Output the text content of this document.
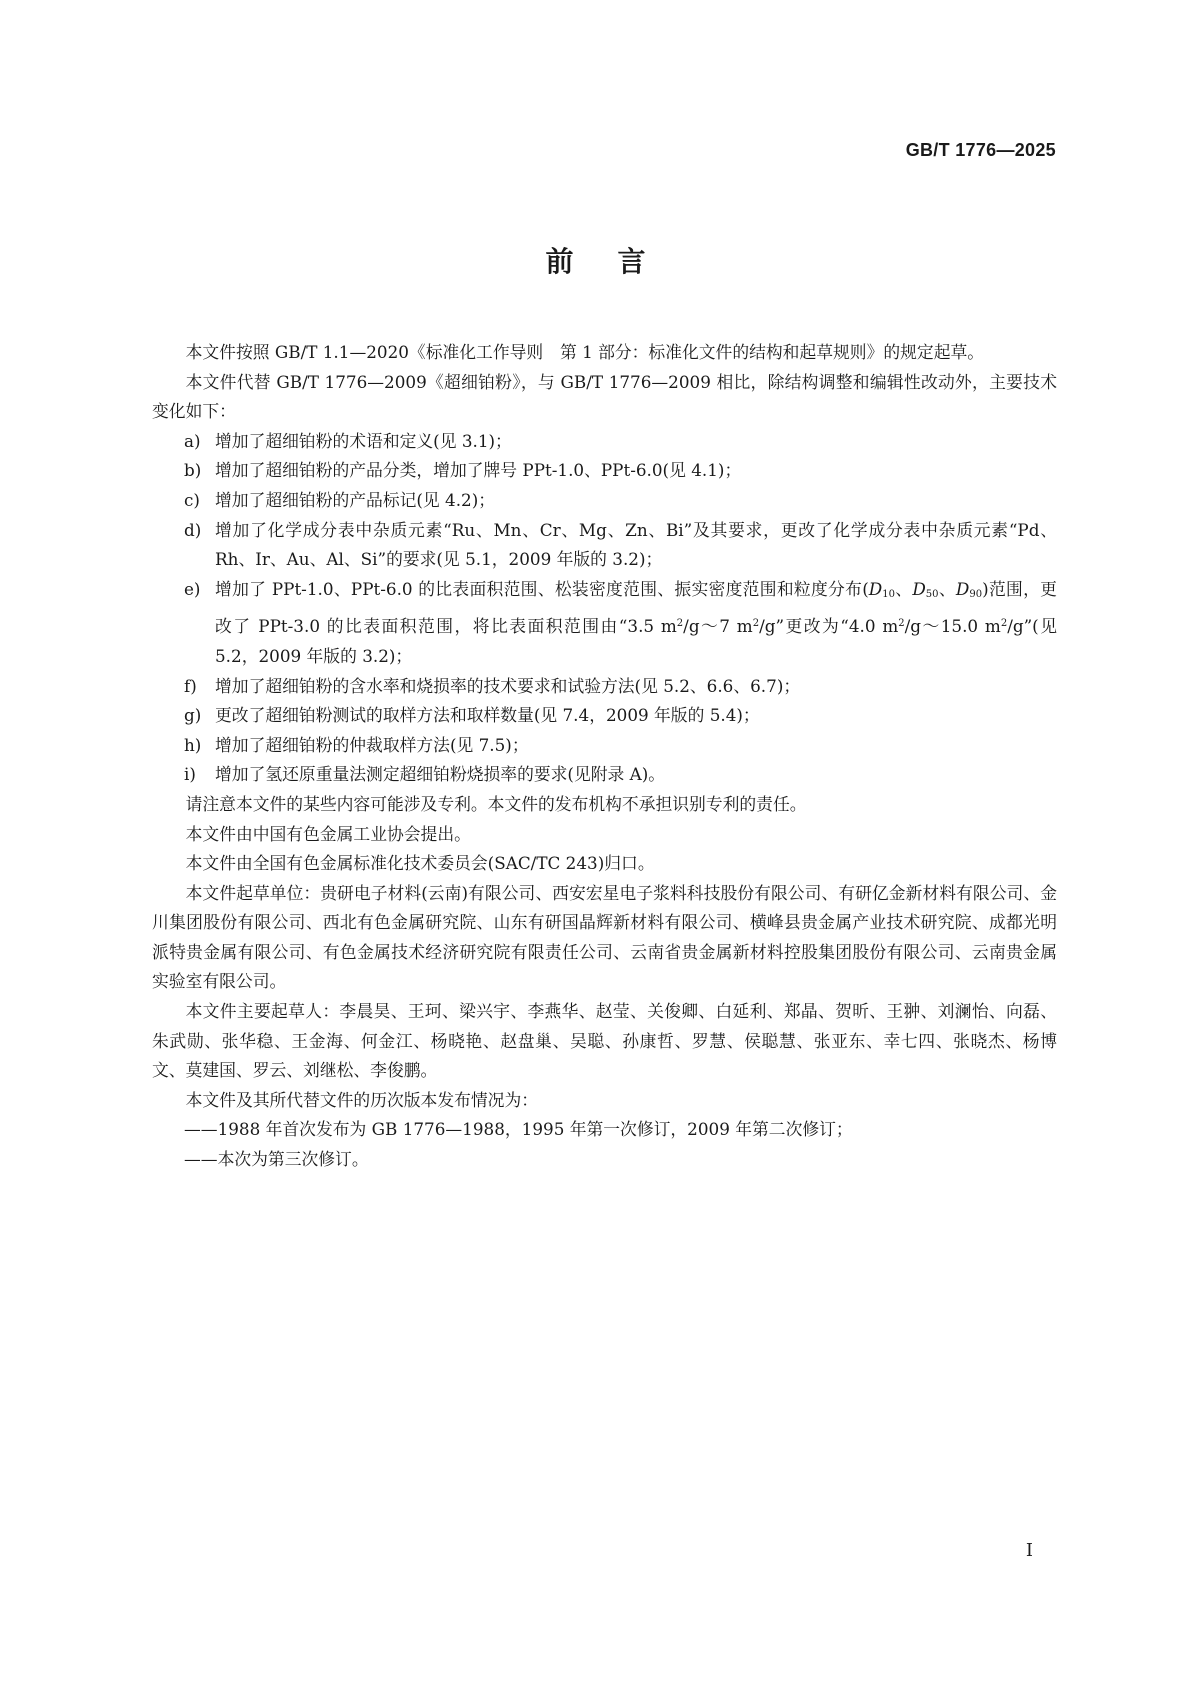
GB/T 1776—2025
前言

本文件按照 GB/T 1.1—2020《标准化工作导则　第 1 部分：标准化文件的结构和起草规则》的规定起草。

本文件代替 GB/T 1776—2009《超细铂粉》，与 GB/T 1776—2009 相比，除结构调整和编辑性改动外，主要技术变化如下：

a) 增加了超细铂粉的术语和定义(见 3.1)；

b) 增加了超细铂粉的产品分类，增加了牌号 PPt-1.0、PPt-6.0(见 4.1)；

c) 增加了超细铂粉的产品标记(见 4.2)；

d) 增加了化学成分表中杂质元素“Ru、Mn、Cr、Mg、Zn、Bi”及其要求，更改了化学成分表中杂质元素“Pd、Rh、Ir、Au、Al、Si”的要求(见 5.1，2009 年版的 3.2)；

e) 增加了 PPt-1.0、PPt-6.0 的比表面积范围、松装密度范围、振实密度范围和粒度分布($D_{10}$、$D_{50}$、$D_{90}$)范围，更改了 PPt-3.0 的比表面积范围，将比表面积范围由“3.5 $m^2/g\sim 7$ $m^2/g$”更改为“4.0 $m^2/g\sim 15.0$ $m^2/g$”(见 5.2，2009 年版的 3.2)；

f) 增加了超细铂粉的含水率和烧损率的技术要求和试验方法(见 5.2、6.6、6.7)；

g) 更改了超细铂粉测试的取样方法和取样数量(见 7.4，2009 年版的 5.4)；

h) 增加了超细铂粉的仲裁取样方法(见 7.5)；

i) 增加了氢还原重量法测定超细铂粉烧损率的要求(见附录 A)。

请注意本文件的某些内容可能涉及专利。本文件的发布机构不承担识别专利的责任。

本文件由中国有色金属工业协会提出。

本文件由全国有色金属标准化技术委员会(SAC/TC 243)归口。

本文件起草单位：贵研电子材料(云南)有限公司、西安宏星电子浆料科技股份有限公司、有研亿金新材料有限公司、金川集团股份有限公司、西北有色金属研究院、山东有研国晶辉新材料有限公司、横峰县贵金属产业技术研究院、成都光明派特贵金属有限公司、有色金属技术经济研究院有限责任公司、云南省贵金属新材料控股集团股份有限公司、云南贵金属实验室有限公司。

本文件主要起草人：李晨昊、王珂、梁兴宇、李燕华、赵莹、关俊卿、白延利、郑晶、贺昕、王翀、刘澜怡、向磊、朱武勋、张华稳、王金海、何金江、杨晓艳、赵盘巢、吴聪、孙康哲、罗慧、侯聪慧、张亚东、幸七四、张晓杰、杨博文、莫建国、罗云、刘继松、李俊鹏。

本文件及其所代替文件的历次版本发布情况为：

——1988 年首次发布为 GB 1776—1988，1995 年第一次修订，2009 年第二次修订；

——本次为第三次修订。

I
